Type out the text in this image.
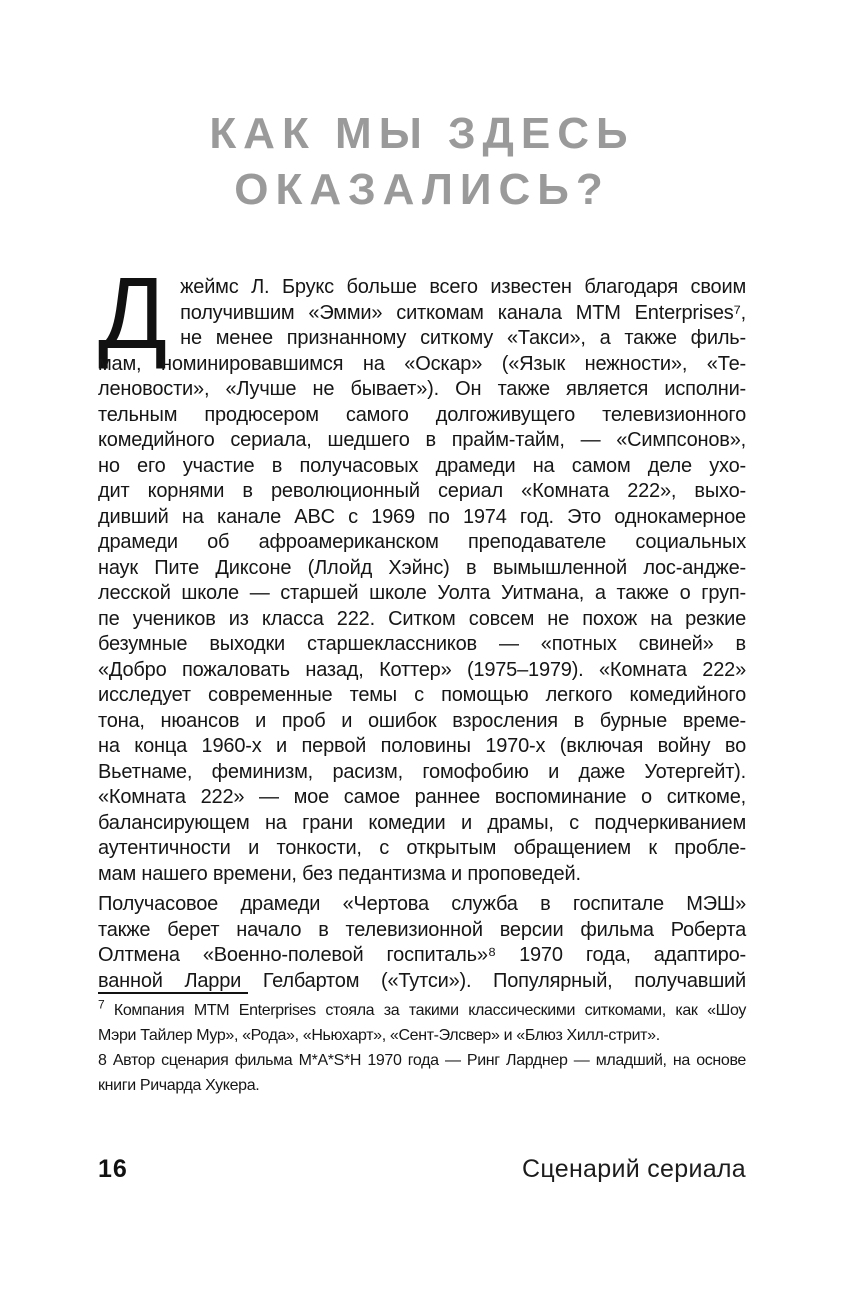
КАК МЫ ЗДЕСЬ
ОКАЗАЛИСЬ?
Д жеймс Л. Брукс больше всего известен благодаря своим
получившим «Эмми» ситкомам канала MTM Enterprises⁷,
не менее признанному ситкому «Такси», а также филь-
мам, номинировавшимся на «Оскар» («Язык нежности», «Те-
леновости», «Лучше не бывает»). Он также является исполни-
тельным продюсером самого долгоживущего телевизионного
комедийного сериала, шедшего в прайм-тайм, — «Симпсонов»,
но его участие в получасовых драмеди на самом деле ухо-
дит корнями в революционный сериал «Комната 222», выхо-
дивший на канале ABC с 1969 по 1974 год. Это однокамерное
драмеди об афроамериканском преподавателе социальных
наук Пите Диксоне (Ллойд Хэйнс) в вымышленной лос-андже-
лесской школе — старшей школе Уолта Уитмана, а также о груп-
пе учеников из класса 222. Ситком совсем не похож на резкие
безумные выходки старшеклассников — «потных свиней» в
«Добро пожаловать назад, Коттер» (1975–1979). «Комната 222»
исследует современные темы с помощью легкого комедийного
тона, нюансов и проб и ошибок взросления в бурные време-
на конца 1960-х и первой половины 1970-х (включая войну во
Вьетнаме, феминизм, расизм, гомофобию и даже Уотергейт).
«Комната 222» — мое самое раннее воспоминание о ситкоме,
балансирующем на грани комедии и драмы, с подчеркиванием
аутентичности и тонкости, с открытым обращением к пробле-
мам нашего времени, без педантизма и проповедей.
Получасовое драмеди «Чертова служба в госпитале МЭШ»
также берет начало в телевизионной версии фильма Роберта
Олтмена «Военно-полевой госпиталь»⁸ 1970 года, адаптиро-
ванной Ларри Гелбартом («Тутси»). Популярный, получавший
$^7$ Компания MTM Enterprises стояла за такими классическими ситкомами, как «Шоу
Мэри Тайлер Мур», «Рода», «Ньюхарт», «Сент-Элсвер» и «Блюз Хилл-стрит».
8 Автор сценария фильма M*A*S*H 1970 года — Ринг Ларднер — младший, на основе
книги Ричарда Хукера.
16	Сценарий сериала
